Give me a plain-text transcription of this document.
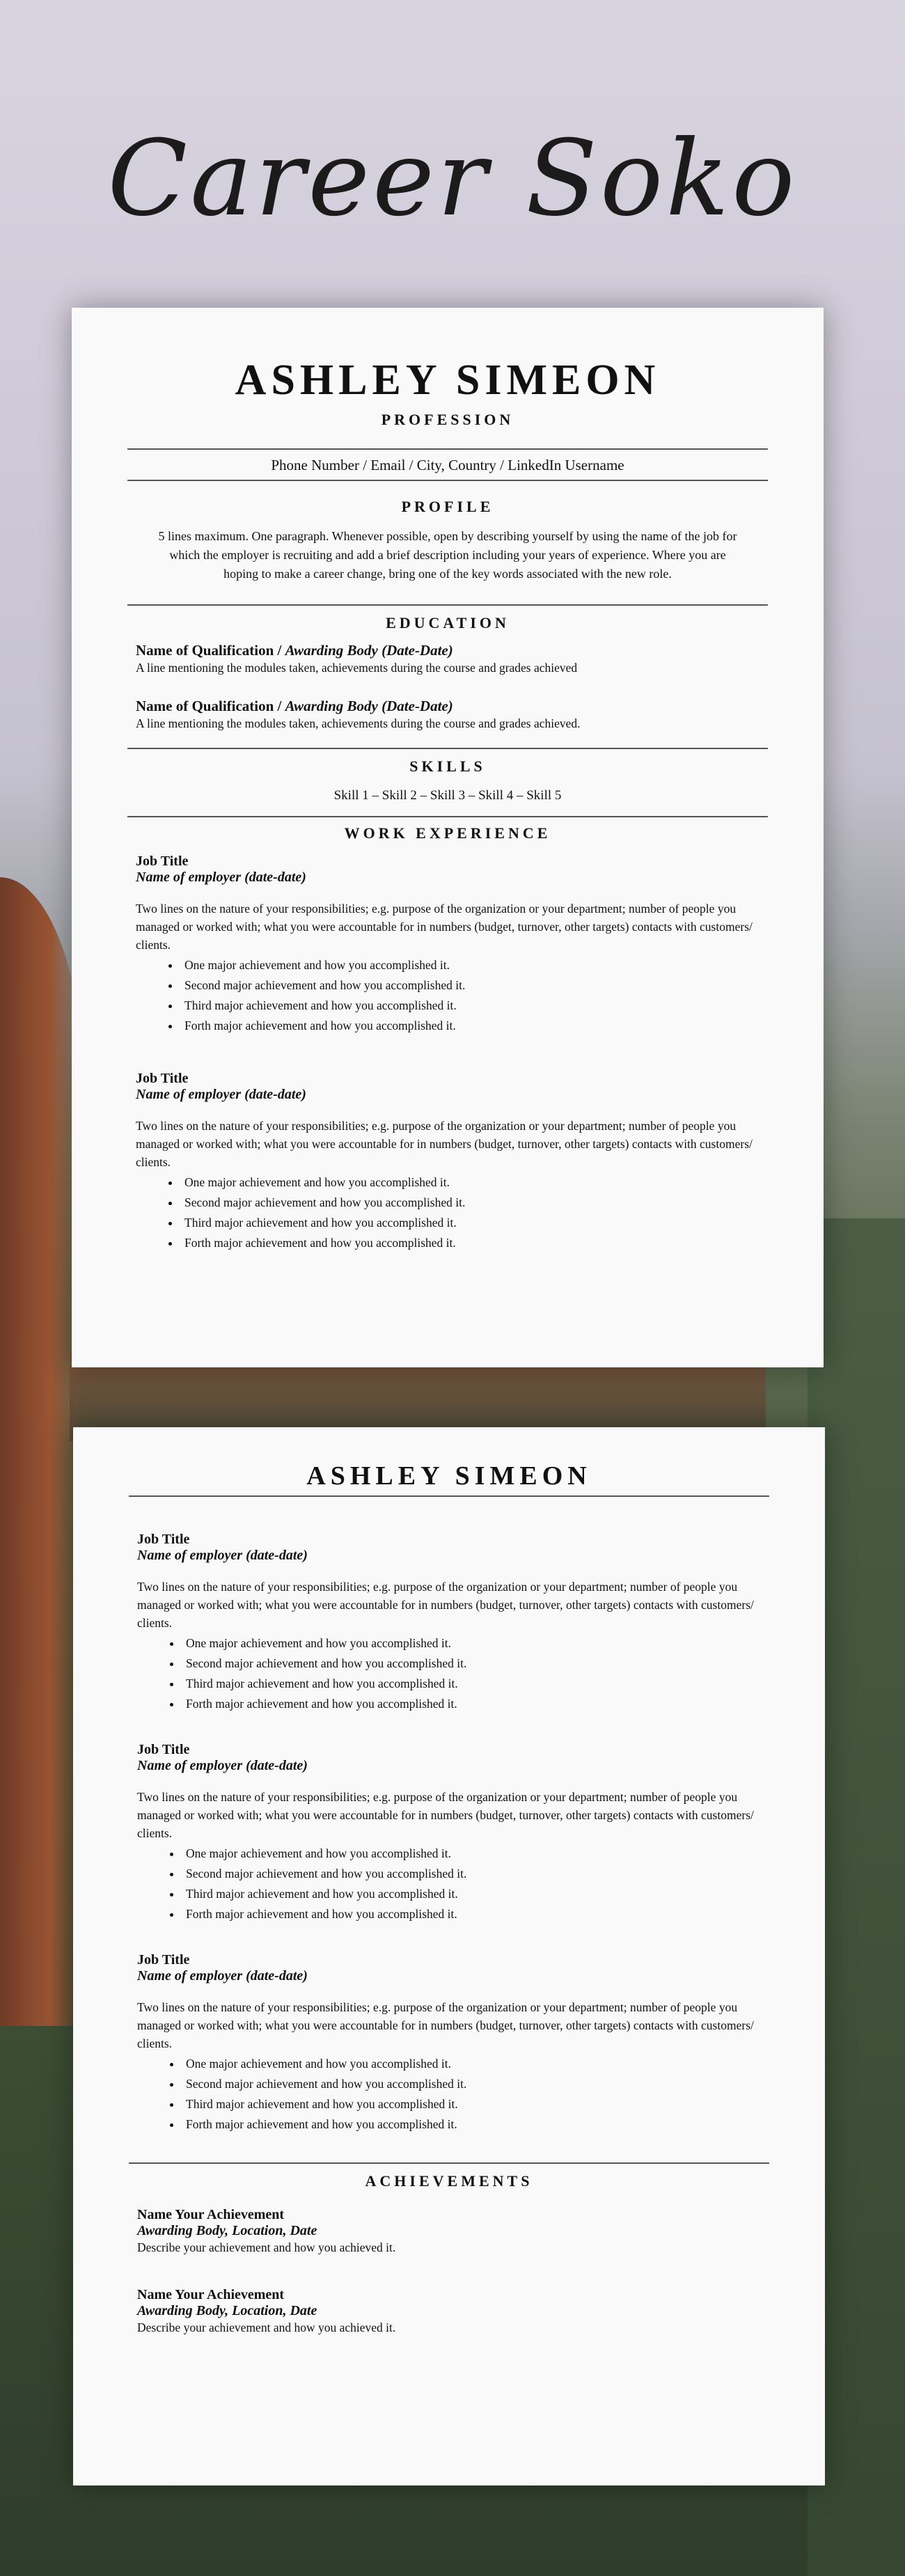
Career Soko
ASHLEY SIMEON
PROFESSION
Phone Number / Email / City, Country / LinkedIn Username
PROFILE
5 lines maximum. One paragraph. Whenever possible, open by describing yourself by using the name of the job for which the employer is recruiting and add a brief description including your years of experience. Where you are hoping to make a career change, bring one of the key words associated with the new role.
EDUCATION
Name of Qualification / Awarding Body (Date-Date)
A line mentioning the modules taken, achievements during the course and grades achieved
Name of Qualification / Awarding Body (Date-Date)
A line mentioning the modules taken, achievements during the course and grades achieved.
SKILLS
Skill 1 – Skill 2 – Skill 3 – Skill 4 – Skill 5
WORK EXPERIENCE
Job Title
Name of employer (date-date)
Two lines on the nature of your responsibilities; e.g. purpose of the organization or your department; number of people you managed or worked with; what you were accountable for in numbers (budget, turnover, other targets) contacts with customers/ clients.
• One major achievement and how you accomplished it.
• Second major achievement and how you accomplished it.
• Third major achievement and how you accomplished it.
• Forth major achievement and how you accomplished it.
Job Title
Name of employer (date-date)
Two lines on the nature of your responsibilities; e.g. purpose of the organization or your department; number of people you managed or worked with; what you were accountable for in numbers (budget, turnover, other targets) contacts with customers/ clients.
• One major achievement and how you accomplished it.
• Second major achievement and how you accomplished it.
• Third major achievement and how you accomplished it.
• Forth major achievement and how you accomplished it.
ASHLEY SIMEON
Job Title
Name of employer (date-date)
Two lines on the nature of your responsibilities; e.g. purpose of the organization or your department; number of people you managed or worked with; what you were accountable for in numbers (budget, turnover, other targets) contacts with customers/ clients.
• One major achievement and how you accomplished it.
• Second major achievement and how you accomplished it.
• Third major achievement and how you accomplished it.
• Forth major achievement and how you accomplished it.
Job Title
Name of employer (date-date)
Two lines on the nature of your responsibilities; e.g. purpose of the organization or your department; number of people you managed or worked with; what you were accountable for in numbers (budget, turnover, other targets) contacts with customers/ clients.
• One major achievement and how you accomplished it.
• Second major achievement and how you accomplished it.
• Third major achievement and how you accomplished it.
• Forth major achievement and how you accomplished it.
Job Title
Name of employer (date-date)
Two lines on the nature of your responsibilities; e.g. purpose of the organization or your department; number of people you managed or worked with; what you were accountable for in numbers (budget, turnover, other targets) contacts with customers/ clients.
• One major achievement and how you accomplished it.
• Second major achievement and how you accomplished it.
• Third major achievement and how you accomplished it.
• Forth major achievement and how you accomplished it.
ACHIEVEMENTS
Name Your Achievement
Awarding Body, Location, Date
Describe your achievement and how you achieved it.
Name Your Achievement
Awarding Body, Location, Date
Describe your achievement and how you achieved it.
